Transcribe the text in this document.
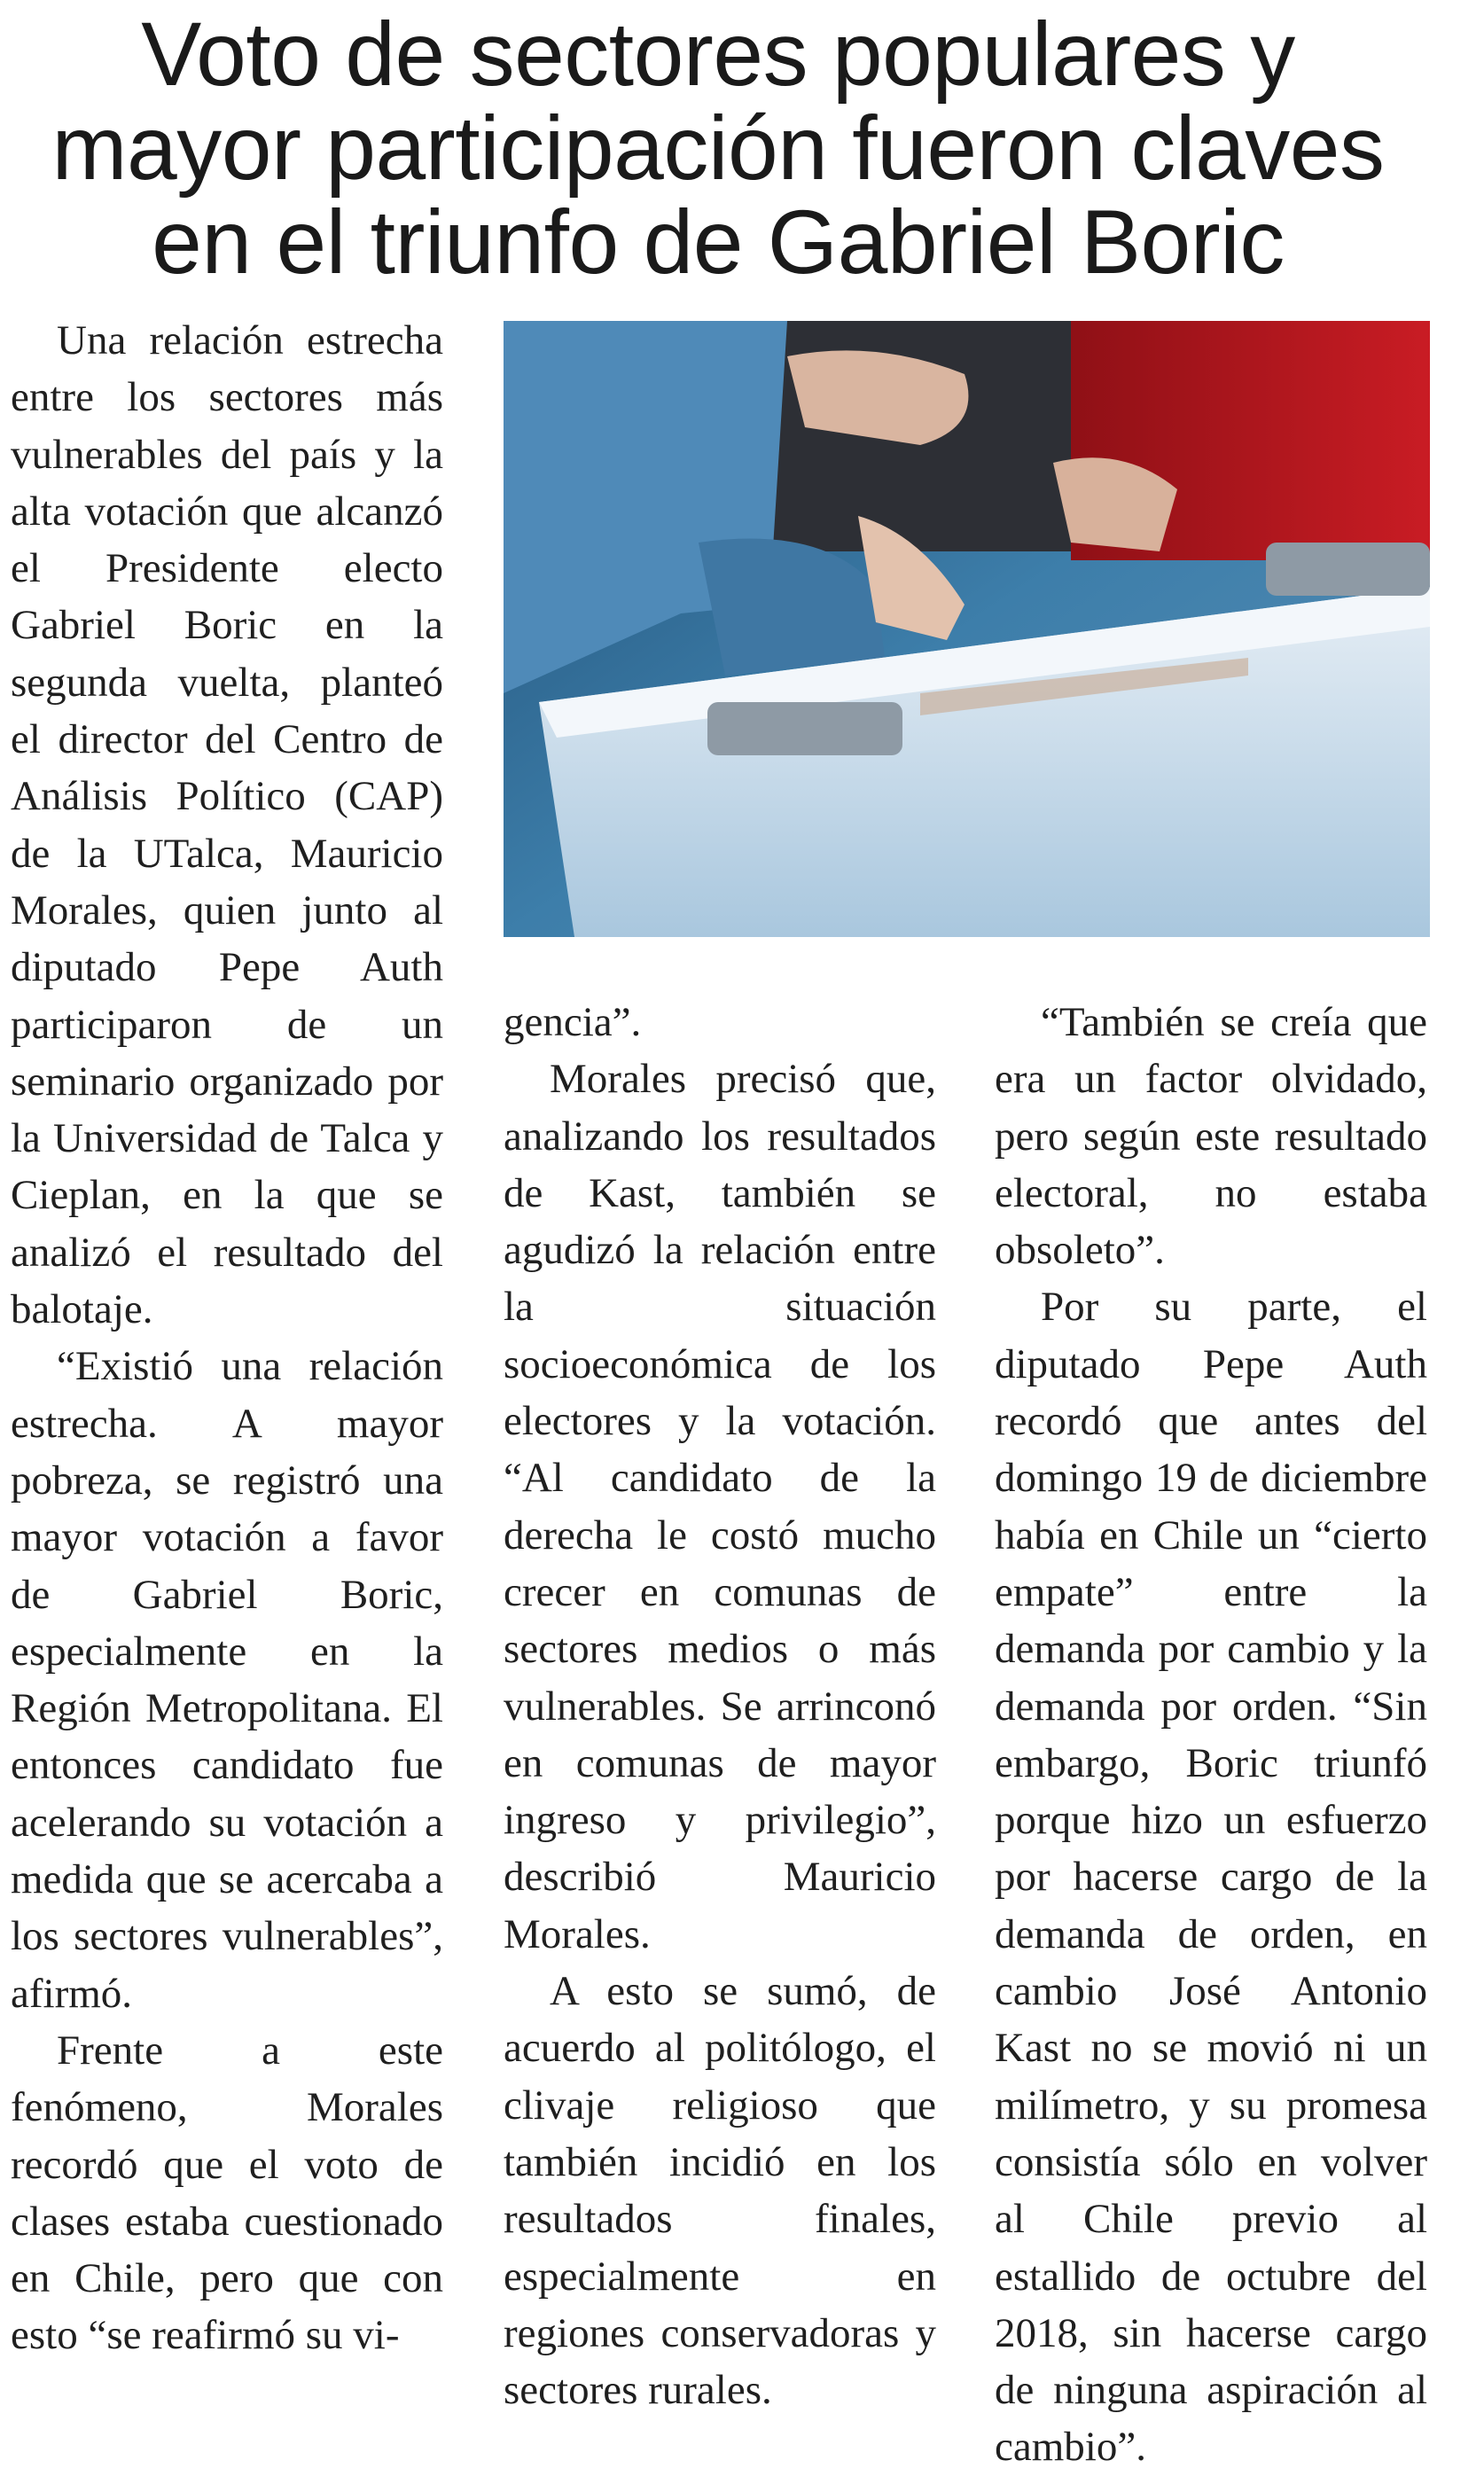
Voto de sectores populares y
mayor participación fueron claves
en el triunfo de Gabriel Boric

Una relación estrecha entre los sectores más vulnerables del país y la alta votación que alcanzó el Presidente electo Gabriel Boric en la segunda vuelta, planteó el director del Centro de Análisis Político (CAP) de la UTalca, Mauricio Morales, quien junto al diputado Pepe Auth participaron de un seminario organizado por la Universidad de Talca y Cieplan, en la que se analizó el resultado del balotaje.

“Existió una relación estrecha. A mayor pobreza, se registró una mayor votación a favor de Gabriel Boric, especialmente en la Región Metropolitana. El entonces candidato fue acelerando su votación a medida que se acercaba a los sectores vulnerables”, afirmó.

Frente a este fenómeno, Morales recordó que el voto de clases estaba cuestionado en Chile, pero que con esto “se reafirmó su vi-

gencia”.

Morales precisó que, analizando los resultados de Kast, también se agudizó la relación entre la situación socioeconómica de los electores y la votación. “Al candidato de la derecha le costó mucho crecer en comunas de sectores medios o más vulnerables. Se arrinconó en comunas de mayor ingreso y privilegio”, describió Mauricio Morales.

A esto se sumó, de acuerdo al politólogo, el clivaje religioso que también incidió en los resultados finales, especialmente en regiones conservadoras y sectores rurales.

“También se creía que era un factor olvidado, pero según este resultado electoral, no estaba obsoleto”.

Por su parte, el diputado Pepe Auth recordó que antes del domingo 19 de diciembre había en Chile un “cierto empate” entre la demanda por cambio y la demanda por orden. “Sin embargo, Boric triunfó porque hizo un esfuerzo por hacerse cargo de la demanda de orden, en cambio José Antonio Kast no se movió ni un milímetro, y su promesa consistía sólo en volver al Chile previo al estallido de octubre del 2018, sin hacerse cargo de ninguna aspiración al cambio”.
